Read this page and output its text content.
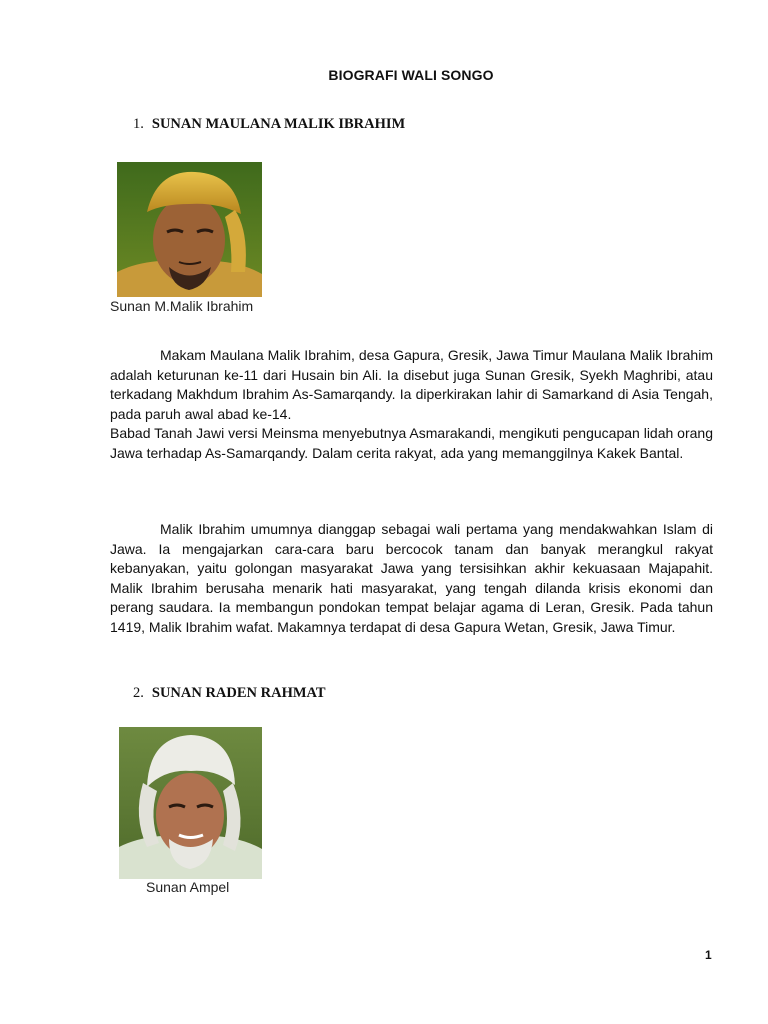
BIOGRAFI WALI SONGO
1. SUNAN MAULANA MALIK IBRAHIM
Sunan M.Malik Ibrahim

Makam Maulana Malik Ibrahim, desa Gapura, Gresik, Jawa Timur Maulana Malik Ibrahim adalah keturunan ke-11 dari Husain bin Ali. Ia disebut juga Sunan Gresik, Syekh Maghribi, atau terkadang Makhdum Ibrahim As-Samarqandy. Ia diperkirakan lahir di Samarkand di Asia Tengah, pada paruh awal abad ke-14.

Babad Tanah Jawi versi Meinsma menyebutnya Asmarakandi, mengikuti pengucapan lidah orang Jawa terhadap As-Samarqandy. Dalam cerita rakyat, ada yang memanggilnya Kakek Bantal.

Malik Ibrahim umumnya dianggap sebagai wali pertama yang mendakwahkan Islam di Jawa. Ia mengajarkan cara-cara baru bercocok tanam dan banyak merangkul rakyat kebanyakan, yaitu golongan masyarakat Jawa yang tersisihkan akhir kekuasaan Majapahit. Malik Ibrahim berusaha menarik hati masyarakat, yang tengah dilanda krisis ekonomi dan perang saudara. Ia membangun pondokan tempat belajar agama di Leran, Gresik. Pada tahun 1419, Malik Ibrahim wafat. Makamnya terdapat di desa Gapura Wetan, Gresik, Jawa Timur.

2. SUNAN RADEN RAHMAT
Sunan Ampel
1
